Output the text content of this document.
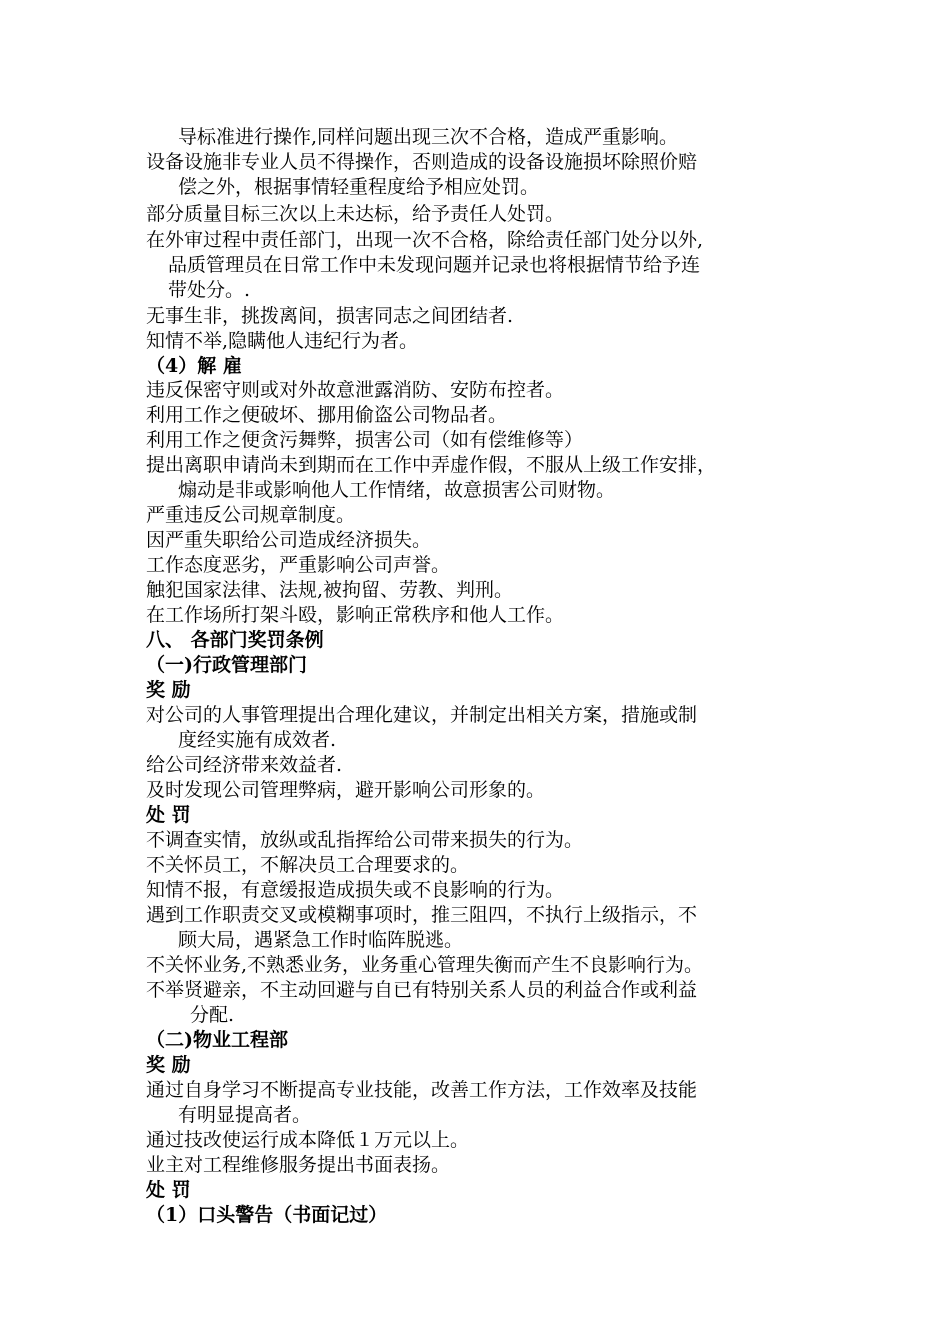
导标准进行操作,同样问题出现三次不合格，造成严重影响。
设备设施非专业人员不得操作，否则造成的设备设施损坏除照价赔
偿之外，根据事情轻重程度给予相应处罚。
部分质量目标三次以上未达标，给予责任人处罚。
在外审过程中责任部门，出现一次不合格，除给责任部门处分以外,
品质管理员在日常工作中未发现问题并记录也将根据情节给予连
带处分。.
无事生非，挑拨离间，损害同志之间团结者.
知情不举,隐瞒他人违纪行为者。
（4）解 雇
违反保密守则或对外故意泄露消防、安防布控者。
利用工作之便破坏、挪用偷盗公司物品者。
利用工作之便贪污舞弊，损害公司（如有偿维修等）
提出离职申请尚未到期而在工作中弄虚作假，不服从上级工作安排，
煽动是非或影响他人工作情绪，故意损害公司财物。
严重违反公司规章制度。
因严重失职给公司造成经济损失。
工作态度恶劣，严重影响公司声誉。
触犯国家法律、法规,被拘留、劳教、判刑。
在工作场所打架斗殴，影响正常秩序和他人工作。
八、 各部门奖罚条例
（一)行政管理部门
奖 励
对公司的人事管理提出合理化建议，并制定出相关方案，措施或制
度经实施有成效者.
给公司经济带来效益者.
及时发现公司管理弊病，避开影响公司形象的。
处 罚
不调查实情，放纵或乱指挥给公司带来损失的行为。
不关怀员工，不解决员工合理要求的。
知情不报，有意缓报造成损失或不良影响的行为。
遇到工作职责交叉或模糊事项时，推三阻四，不执行上级指示，不
顾大局，遇紧急工作时临阵脱逃。
不关怀业务,不熟悉业务，业务重心管理失衡而产生不良影响行为。
不举贤避亲，不主动回避与自已有特别关系人员的利益合作或利益
分配.
（二)物业工程部
奖 励
通过自身学习不断提高专业技能，改善工作方法，工作效率及技能
有明显提高者。
通过技改使运行成本降低１万元以上。
业主对工程维修服务提出书面表扬。
处 罚
（1）口头警告（书面记过）
